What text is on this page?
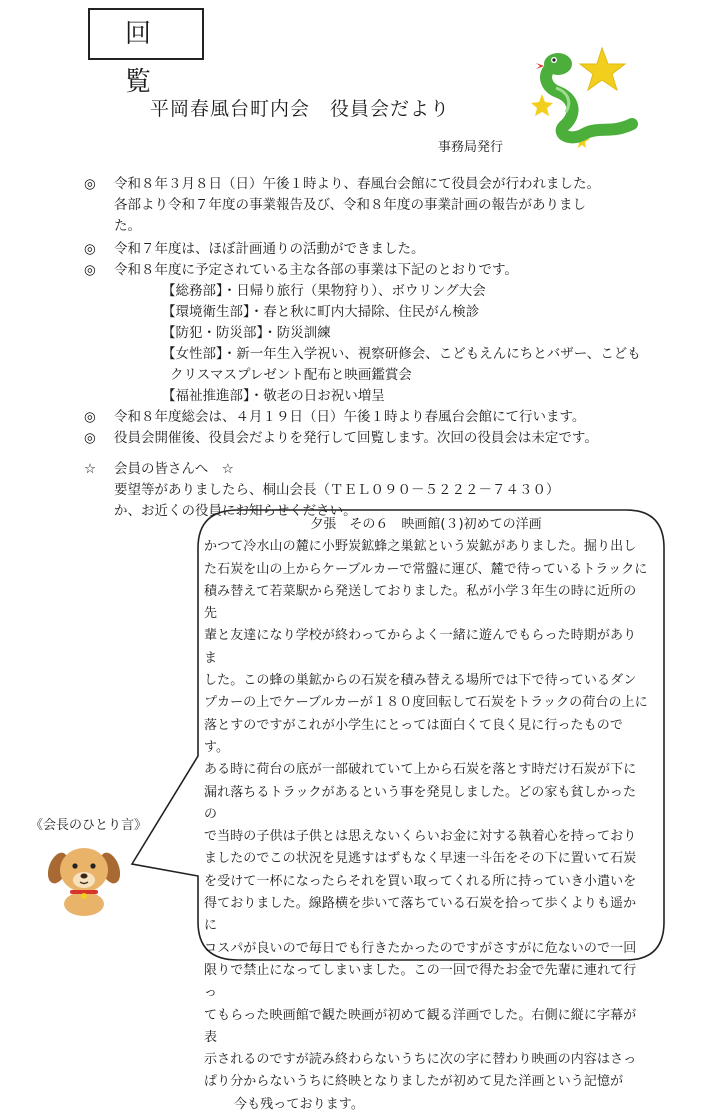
回　覧
平岡春風台町内会　役員会だより
事務局発行
◎ 令和８年３月８日（日）午後１時より、春風台会館にて役員会が行われました。
各部より令和７年度の事業報告及び、令和８年度の事業計画の報告がありまし
た。
◎ 令和７年度は、ほぼ計画通りの活動ができました。
◎ 令和８年度に予定されている主な各部の事業は下記のとおりです。
【総務部】・日帰り旅行（果物狩り）、ボウリング大会
【環境衛生部】・春と秋に町内大掃除、住民がん検診
【防犯・防災部】・防災訓練
【女性部】・新一年生入学祝い、視察研修会、こどもえんにちとバザー、こども
クリスマスプレゼント配布と映画鑑賞会
【福祉推進部】・敬老の日お祝い増呈
◎ 令和８年度総会は、４月１９日（日）午後１時より春風台会館にて行います。
◎ 役員会開催後、役員会だよりを発行して回覧します。次回の役員会は未定です。
☆ 会員の皆さんへ　☆
要望等がありましたら、桐山会長（ＴＥＬ０９０－５２２２－７４３０）
か、お近くの役員にお知らせください。
夕張　その６　映画館(３)初めての洋画

かつて冷水山の麓に小野炭鉱蜂之巣鉱という炭鉱がありました。掘り出し

た石炭を山の上からケーブルカーで常盤に運び、麓で待っているトラックに

積み替えて若菜駅から発送しておりました。私が小学３年生の時に近所の先

輩と友達になり学校が終わってからよく一緒に遊んでもらった時期がありま

した。この蜂の巣鉱からの石炭を積み替える場所では下で待っているダン

プカーの上でケーブルカーが１８０度回転して石炭をトラックの荷台の上に

落とすのですがこれが小学生にとっては面白くて良く見に行ったものです。

ある時に荷台の底が一部破れていて上から石炭を落とす時だけ石炭が下に

漏れ落ちるトラックがあるという事を発見しました。どの家も貧しかったの

で当時の子供は子供とは思えないくらいお金に対する執着心を持っており

ましたのでこの状況を見逃すはずもなく早速一斗缶をその下に置いて石炭

を受けて一杯になったらそれを買い取ってくれる所に持っていき小遣いを

得ておりました。線路横を歩いて落ちている石炭を拾って歩くよりも遥かに

コスパが良いので毎日でも行きたかったのですがさすがに危ないので一回

限りで禁止になってしまいました。この一回で得たお金で先輩に連れて行っ

てもらった映画館で観た映画が初めて観る洋画でした。右側に縦に字幕が表

示されるのですが読み終わらないうちに次の字に替わり映画の内容はさっ

ぱり分からないうちに終映となりましたが初めて見た洋画という記憶が

今も残っております。

《会長のひとり言》
